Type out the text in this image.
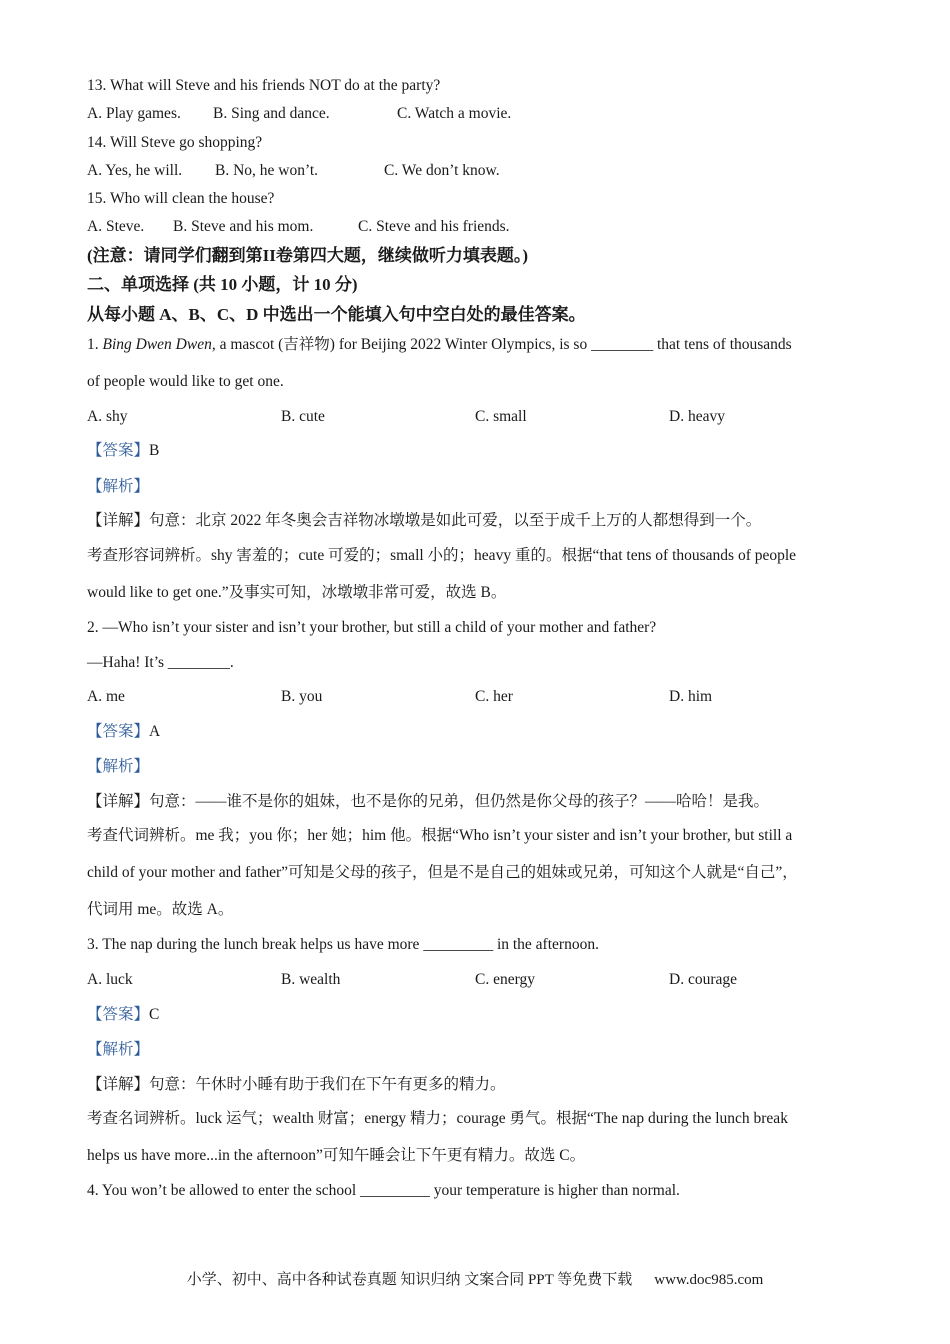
13. What will Steve and his friends NOT do at the party?
A. Play games. B. Sing and dance.	C. Watch a movie.
14. Will Steve go shopping?
A. Yes, he will. B. No, he won’t.	C. We don’t know.
15. Who will clean the house?
A. Steve. B. Steve and his mom.	C. Steve and his friends.
(注意：请同学们翻到第II卷第四大题，继续做听力填表题。)
二、单项选择 (共 10 小题，计 10 分)
从每小题 A、B、C、D 中选出一个能填入句中空白处的最佳答案。
1. Bing Dwen Dwen, a mascot (吉祥物) for Beijing 2022 Winter Olympics, is so ________ that tens of thousands
of people would like to get one.
A. shy	B. cute	C. small	D. heavy
【答案】B
【解析】
【详解】句意：北京 2022 年冬奥会吉祥物冰墩墩是如此可爱，以至于成千上万的人都想得到一个。
考查形容词辨析。shy 害羞的；cute 可爱的；small 小的；heavy 重的。根据“that tens of thousands of people
would like to get one.”及事实可知，冰墩墩非常可爱，故选 B。
2. —Who isn’t your sister and isn’t your brother, but still a child of your mother and father?
—Haha! It’s ________.
A. me	B. you	C. her	D. him
【答案】A
【解析】
【详解】句意：——谁不是你的姐妹，也不是你的兄弟，但仍然是你父母的孩子？——哈哈！是我。
考查代词辨析。me 我；you 你；her 她；him 他。根据“Who isn’t your sister and isn’t your brother, but still a
child of your mother and father”可知是父母的孩子，但是不是自己的姐妹或兄弟，可知这个人就是“自己”，
代词用 me。故选 A。
3. The nap during the lunch break helps us have more _________ in the afternoon.
A. luck	B. wealth	C. energy	D. courage
【答案】C
【解析】
【详解】句意：午休时小睡有助于我们在下午有更多的精力。
考查名词辨析。luck 运气；wealth 财富；energy 精力；courage 勇气。根据“The nap during the lunch break
helps us have more...in the afternoon”可知午睡会让下午更有精力。故选 C。
4. You won’t be allowed to enter the school _________ your temperature is higher than normal.
小学、初中、高中各种试卷真题 知识归纳 文案合同 PPT 等免费下载 www.doc985.com
